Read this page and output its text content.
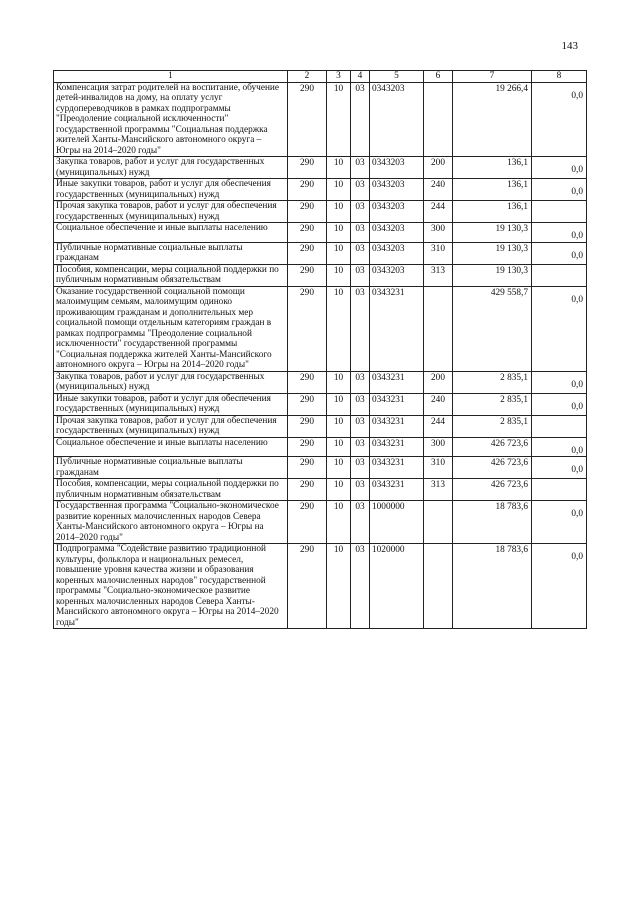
143
1	2	3	4	5	6	7	8
Компенсация затрат родителей на воспитание, обучение детей-инвалидов на дому, на оплату услуг сурдопереводчиков в рамках подпрограммы "Преодоление социальной исключенности" государственной программы "Социальная поддержка жителей Ханты-Мансийского автономного округа – Югры на 2014–2020 годы"	290	10	03	0343203		19 266,4	0,0
Закупка товаров, работ и услуг для государственных (муниципальных) нужд	290	10	03	0343203	200	136,1	0,0
Иные закупки товаров, работ и услуг для обеспечения государственных (муниципальных) нужд	290	10	03	0343203	240	136,1	0,0
Прочая закупка товаров, работ и услуг для обеспечения государственных (муниципальных) нужд	290	10	03	0343203	244	136,1	
Социальное обеспечение и иные выплаты населению	290	10	03	0343203	300	19 130,3	0,0
Публичные нормативные социальные выплаты гражданам	290	10	03	0343203	310	19 130,3	0,0
Пособия, компенсации, меры социальной поддержки по публичным нормативным обязательствам	290	10	03	0343203	313	19 130,3	
Оказание государственной социальной помощи малоимущим семьям, малоимущим одиноко проживающим гражданам и дополнительных мер социальной помощи отдельным категориям граждан в рамках подпрограммы "Преодоление социальной исключенности" государственной программы "Социальная поддержка жителей Ханты-Мансийского автономного округа – Югры на 2014–2020 годы"	290	10	03	0343231		429 558,7	0,0
Закупка товаров, работ и услуг для государственных (муниципальных) нужд	290	10	03	0343231	200	2 835,1	0,0
Иные закупки товаров, работ и услуг для обеспечения государственных (муниципальных) нужд	290	10	03	0343231	240	2 835,1	0,0
Прочая закупка товаров, работ и услуг для обеспечения государственных (муниципальных) нужд	290	10	03	0343231	244	2 835,1	
Социальное обеспечение и иные выплаты населению	290	10	03	0343231	300	426 723,6	0,0
Публичные нормативные социальные выплаты гражданам	290	10	03	0343231	310	426 723,6	0,0
Пособия, компенсации, меры социальной поддержки по публичным нормативным обязательствам	290	10	03	0343231	313	426 723,6	
Государственная программа "Социально-экономическое развитие коренных малочисленных народов Севера Ханты-Мансийского автономного округа – Югры на 2014–2020 годы"	290	10	03	1000000		18 783,6	0,0
Подпрограмма "Содействие развитию традиционной культуры, фольклора и национальных ремесел, повышение уровня качества жизни и образования коренных малочисленных народов" государственной программы "Социально-экономическое развитие коренных малочисленных народов Севера Ханты-Мансийского автономного округа – Югры на 2014–2020 годы"	290	10	03	1020000		18 783,6	0,0
